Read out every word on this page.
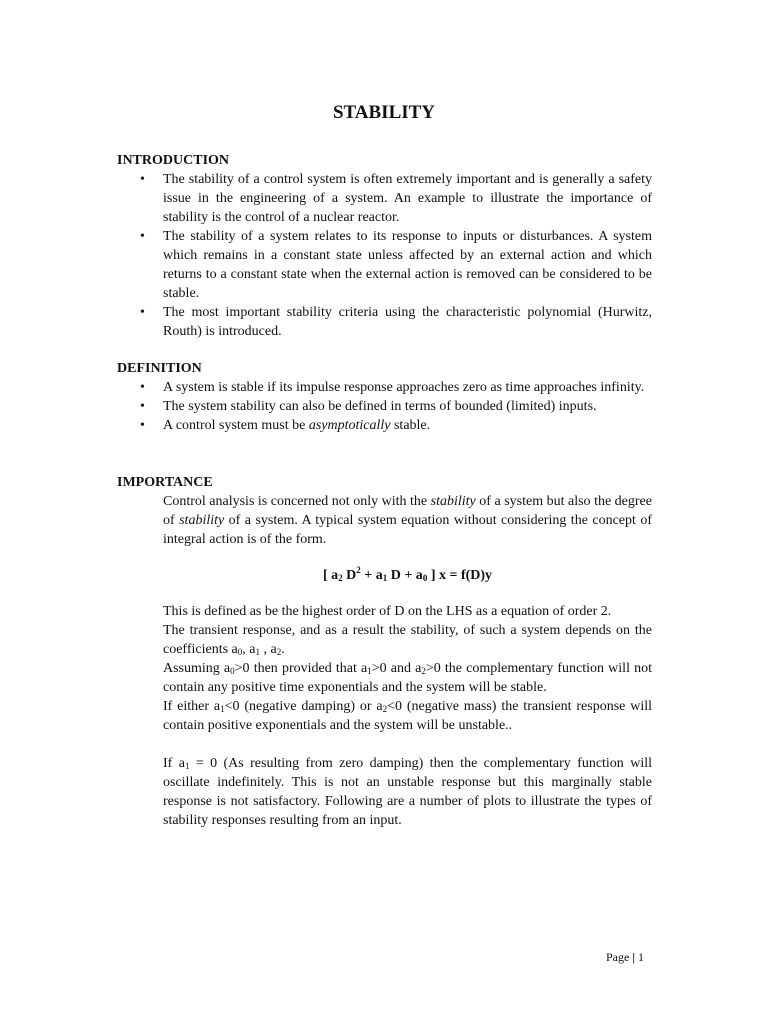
STABILITY
INTRODUCTION
• The stability of a control system is often extremely important and is generally a safety issue in the engineering of a system. An example to illustrate the importance of stability is the control of a nuclear reactor.
• The stability of a system relates to its response to inputs or disturbances. A system which remains in a constant state unless affected by an external action and which returns to a constant state when the external action is removed can be considered to be stable.
• The most important stability criteria using the characteristic polynomial (Hurwitz, Routh) is introduced.
DEFINITION
• A system is stable if its impulse response approaches zero as time approaches infinity.
• The system stability can also be defined in terms of bounded (limited) inputs.
• A control system must be asymptotically stable.
IMPORTANCE

Control analysis is concerned not only with the stability of a system but also the degree of stability of a system. A typical system equation without considering the concept of integral action is of the form.

[ $a_2$ $D^2 + a_1$ $D + a_0$ ] x = f(D)y

This is defined as be the highest order of D on the LHS as a equation of order 2.

The transient response, and as a result the stability, of such a system depends on the coefficients $a_0$, $a_1$ , $a_2$.

Assuming $a_0>0$ then provided that $a_1>0$ and $a_2>0$ the complementary function will not contain any positive time exponentials and the system will be stable.

If either $a_1<0$ (negative damping) or $a_2<0$ (negative mass) the transient response will contain positive exponentials and the system will be unstable..

If $a_1 = 0$ (As resulting from zero damping) then the complementary function will oscillate indefinitely. This is not an unstable response but this marginally stable response is not satisfactory. Following are a number of plots to illustrate the types of stability responses resulting from an input.

Page | 1
